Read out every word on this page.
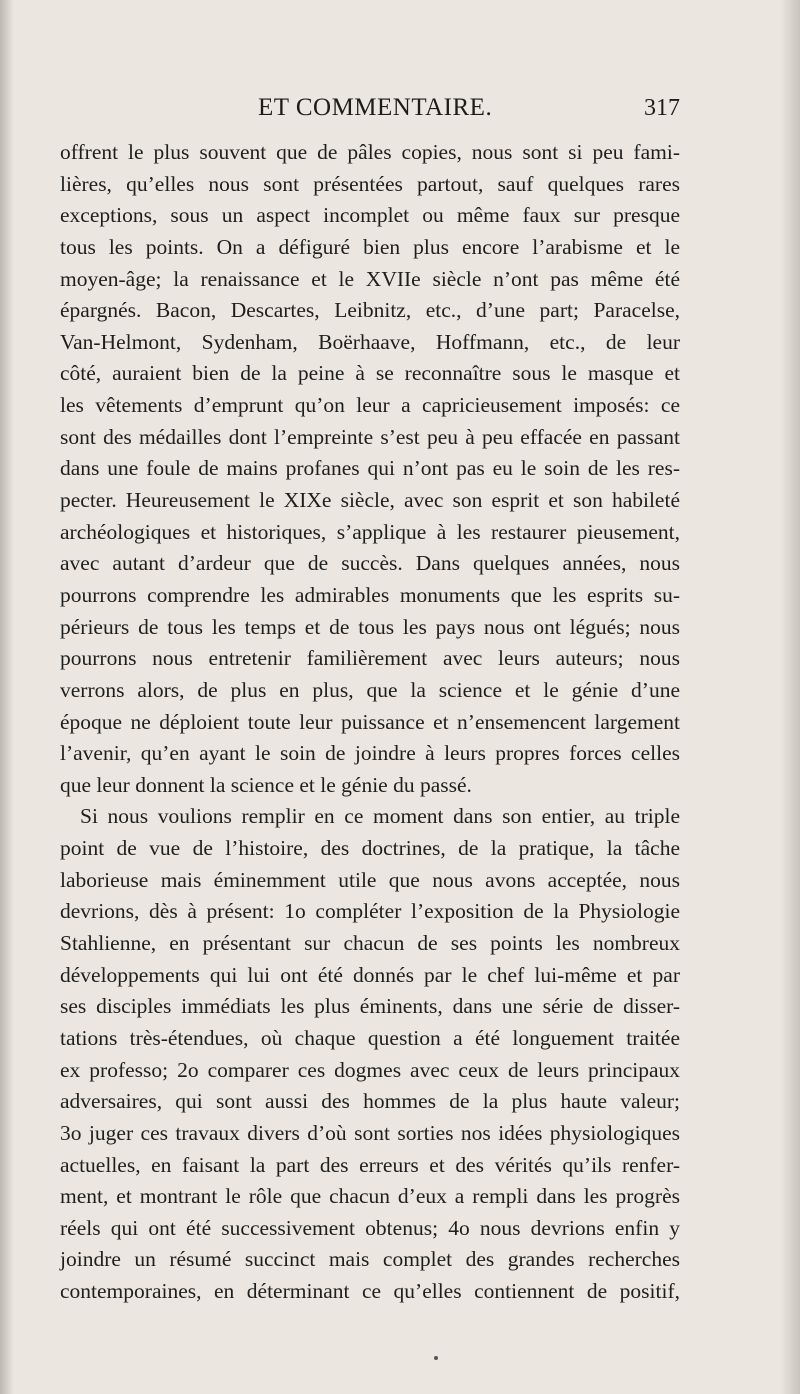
ET COMMENTAIRE.	317
offrent le plus souvent que de pâles copies, nous sont si peu fami-
lières, qu’elles nous sont présentées partout, sauf quelques rares
exceptions, sous un aspect incomplet ou même faux sur presque
tous les points. On a défiguré bien plus encore l’arabisme et le
moyen-âge; la renaissance et le XVIIe siècle n’ont pas même été
épargnés. Bacon, Descartes, Leibnitz, etc., d’une part; Paracelse,
Van-Helmont, Sydenham, Boërhaave, Hoffmann, etc., de leur
côté, auraient bien de la peine à se reconnaître sous le masque et
les vêtements d’emprunt qu’on leur a capricieusement imposés: ce
sont des médailles dont l’empreinte s’est peu à peu effacée en passant
dans une foule de mains profanes qui n’ont pas eu le soin de les res-
pecter. Heureusement le XIXe siècle, avec son esprit et son habileté
archéologiques et historiques, s’applique à les restaurer pieusement,
avec autant d’ardeur que de succès. Dans quelques années, nous
pourrons comprendre les admirables monuments que les esprits su-
périeurs de tous les temps et de tous les pays nous ont légués; nous
pourrons nous entretenir familièrement avec leurs auteurs; nous
verrons alors, de plus en plus, que la science et le génie d’une
époque ne déploient toute leur puissance et n’ensemencent largement
l’avenir, qu’en ayant le soin de joindre à leurs propres forces celles
que leur donnent la science et le génie du passé.
Si nous voulions remplir en ce moment dans son entier, au triple
point de vue de l’histoire, des doctrines, de la pratique, la tâche
laborieuse mais éminemment utile que nous avons acceptée, nous
devrions, dès à présent: 1o compléter l’exposition de la Physiologie
Stahlienne, en présentant sur chacun de ses points les nombreux
développements qui lui ont été donnés par le chef lui-même et par
ses disciples immédiats les plus éminents, dans une série de disser-
tations très-étendues, où chaque question a été longuement traitée
ex professo; 2o comparer ces dogmes avec ceux de leurs principaux
adversaires, qui sont aussi des hommes de la plus haute valeur;
3o juger ces travaux divers d’où sont sorties nos idées physiologiques
actuelles, en faisant la part des erreurs et des vérités qu’ils renfer-
ment, et montrant le rôle que chacun d’eux a rempli dans les progrès
réels qui ont été successivement obtenus; 4o nous devrions enfin y
joindre un résumé succinct mais complet des grandes recherches
contemporaines, en déterminant ce qu’elles contiennent de positif,
